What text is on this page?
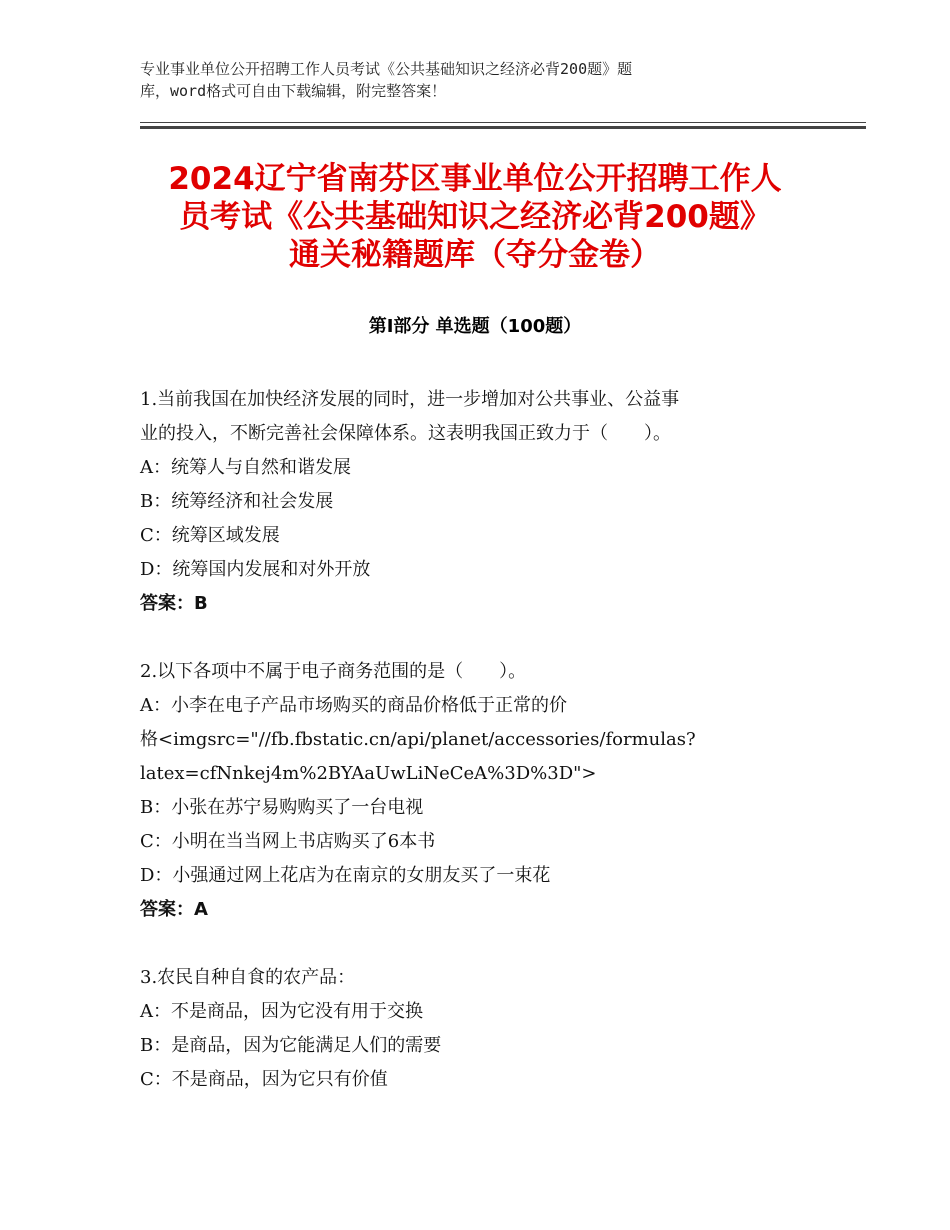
专业事业单位公开招聘工作人员考试《公共基础知识之经济必背200题》题
库，word格式可自由下载编辑，附完整答案！
2024辽宁省南芬区事业单位公开招聘工作人
员考试《公共基础知识之经济必背200题》
通关秘籍题库（夺分金卷）
第Ⅰ部分 单选题（100题）
1.当前我国在加快经济发展的同时，进一步增加对公共事业、公益事
业的投入，不断完善社会保障体系。这表明我国正致力于（　　）。
A：统筹人与自然和谐发展
B：统筹经济和社会发展
C：统筹区域发展
D：统筹国内发展和对外开放
答案：B
2.以下各项中不属于电子商务范围的是（　　）。
A：小李在电子产品市场购买的商品价格低于正常的价
格<imgsrc="//fb.fbstatic.cn/api/planet/accessories/formulas?
latex=cfNnkej4m%2BYAaUwLiNeCeA%3D%3D">
B：小张在苏宁易购购买了一台电视
C：小明在当当网上书店购买了6本书
D：小强通过网上花店为在南京的女朋友买了一束花
答案：A
3.农民自种自食的农产品：
A：不是商品，因为它没有用于交换
B：是商品，因为它能满足人们的需要
C：不是商品，因为它只有价值
